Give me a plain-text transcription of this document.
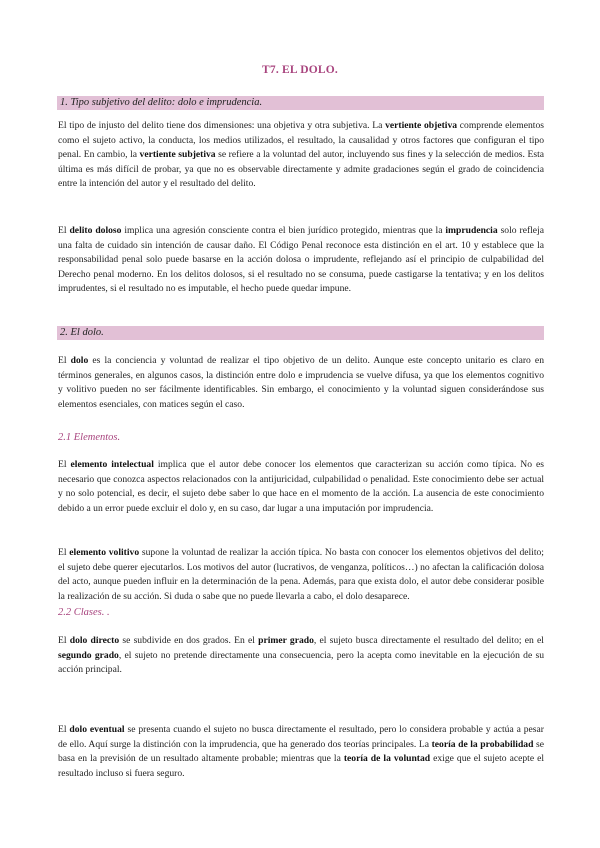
T7. EL DOLO.
1. Tipo subjetivo del delito: dolo e imprudencia.

El tipo de injusto del delito tiene dos dimensiones: una objetiva y otra subjetiva. La vertiente objetiva comprende elementos como el sujeto activo, la conducta, los medios utilizados, el resultado, la causalidad y otros factores que configuran el tipo penal. En cambio, la vertiente subjetiva se refiere a la voluntad del autor, incluyendo sus fines y la selección de medios. Esta última es más difícil de probar, ya que no es observable directamente y admite gradaciones según el grado de coincidencia entre la intención del autor y el resultado del delito.

El delito doloso implica una agresión consciente contra el bien jurídico protegido, mientras que la imprudencia solo refleja una falta de cuidado sin intención de causar daño. El Código Penal reconoce esta distinción en el art. 10 y establece que la responsabilidad penal solo puede basarse en la acción dolosa o imprudente, reflejando así el principio de culpabilidad del Derecho penal moderno. En los delitos dolosos, si el resultado no se consuma, puede castigarse la tentativa; y en los delitos imprudentes, si el resultado no es imputable, el hecho puede quedar impune.

2. El dolo.

El dolo es la conciencia y voluntad de realizar el tipo objetivo de un delito. Aunque este concepto unitario es claro en términos generales, en algunos casos, la distinción entre dolo e imprudencia se vuelve difusa, ya que los elementos cognitivo y volitivo pueden no ser fácilmente identificables. Sin embargo, el conocimiento y la voluntad siguen considerándose sus elementos esenciales, con matices según el caso.

2.1 Elementos.

El elemento intelectual implica que el autor debe conocer los elementos que caracterizan su acción como típica. No es necesario que conozca aspectos relacionados con la antijuricidad, culpabilidad o penalidad. Este conocimiento debe ser actual y no solo potencial, es decir, el sujeto debe saber lo que hace en el momento de la acción. La ausencia de este conocimiento debido a un error puede excluir el dolo y, en su caso, dar lugar a una imputación por imprudencia.

El elemento volitivo supone la voluntad de realizar la acción típica. No basta con conocer los elementos objetivos del delito; el sujeto debe querer ejecutarlos. Los motivos del autor (lucrativos, de venganza, políticos…) no afectan la calificación dolosa del acto, aunque pueden influir en la determinación de la pena. Además, para que exista dolo, el autor debe considerar posible la realización de su acción. Si duda o sabe que no puede llevarla a cabo, el dolo desaparece.

2.2 Clases. .

El dolo directo se subdivide en dos grados. En el primer grado, el sujeto busca directamente el resultado del delito; en el segundo grado, el sujeto no pretende directamente una consecuencia, pero la acepta como inevitable en la ejecución de su acción principal.

El dolo eventual se presenta cuando el sujeto no busca directamente el resultado, pero lo considera probable y actúa a pesar de ello. Aquí surge la distinción con la imprudencia, que ha generado dos teorías principales. La teoría de la probabilidad se basa en la previsión de un resultado altamente probable; mientras que la teoría de la voluntad exige que el sujeto acepte el resultado incluso si fuera seguro.
